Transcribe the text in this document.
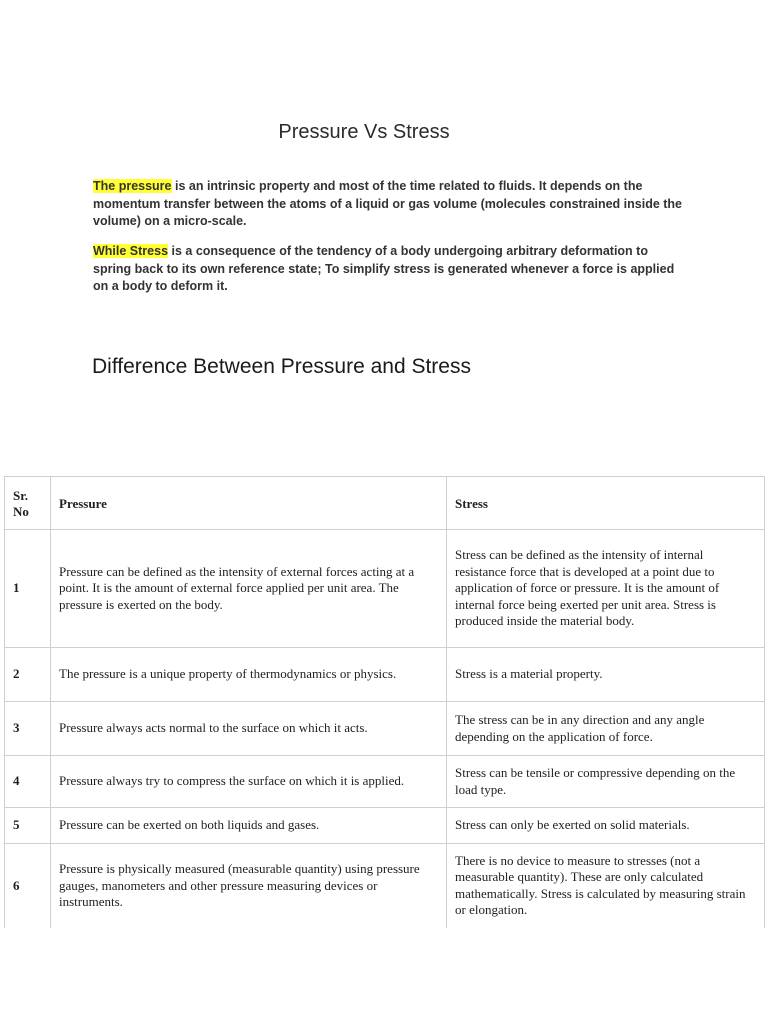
Pressure Vs Stress

The pressure is an intrinsic property and most of the time related to fluids. It depends on the momentum transfer between the atoms of a liquid or gas volume (molecules constrained inside the volume) on a micro-scale.

While Stress is a consequence of the tendency of a body undergoing arbitrary deformation to spring back to its own reference state; To simplify stress is generated whenever a force is applied on a body to deform it.

Difference Between Pressure and Stress
Sr. No	Pressure	Stress
1	Pressure can be defined as the intensity of external forces acting at a point. It is the amount of external force applied per unit area. The pressure is exerted on the body.	Stress can be defined as the intensity of internal resistance force that is developed at a point due to application of force or pressure. It is the amount of internal force being exerted per unit area. Stress is produced inside the material body.
2	The pressure is a unique property of thermodynamics or physics.	Stress is a material property.
3	Pressure always acts normal to the surface on which it acts.	The stress can be in any direction and any angle depending on the application of force.
4	Pressure always try to compress the surface on which it is applied.	Stress can be tensile or compressive depending on the load type.
5	Pressure can be exerted on both liquids and gases.	Stress can only be exerted on solid materials.
6	Pressure is physically measured (measurable quantity) using pressure gauges, manometers and other pressure measuring devices or instruments.	There is no device to measure to stresses (not a measurable quantity). These are only calculated mathematically. Stress is calculated by measuring strain or elongation.
